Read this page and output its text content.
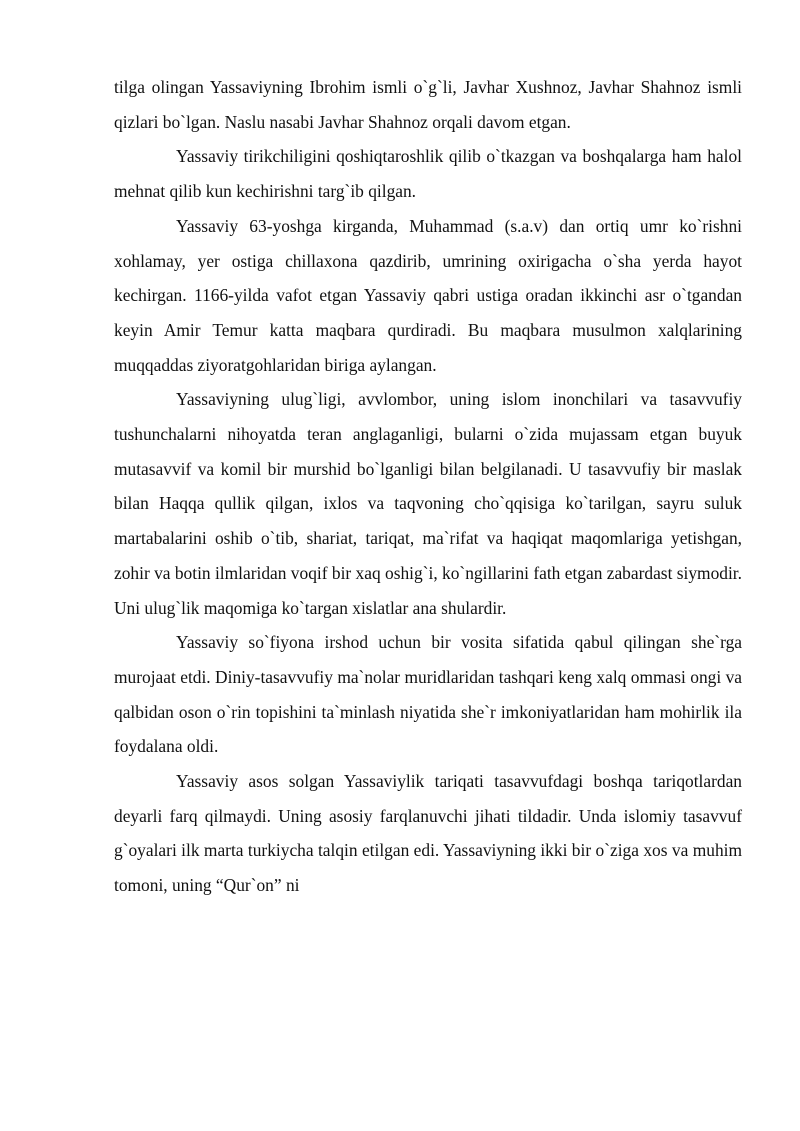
tilga olingan Yassaviyning Ibrohim ismli o`g`li, Javhar Xushnoz, Javhar Shahnoz ismli qizlari bo`lgan. Naslu nasabi Javhar Shahnoz orqali davom etgan.

Yassaviy tirikchiligini qoshiqtaroshlik qilib o`tkazgan va boshqalarga ham halol mehnat qilib kun kechirishni targ`ib qilgan.

Yassaviy 63-yoshga kirganda, Muhammad (s.a.v) dan ortiq umr ko`rishni xohlamay, yer ostiga chillaxona qazdirib, umrining oxirigacha o`sha yerda hayot kechirgan. 1166-yilda vafot etgan Yassaviy qabri ustiga oradan ikkinchi asr o`tgandan keyin Amir Temur katta maqbara qurdiradi. Bu maqbara musulmon xalqlarining muqqaddas ziyoratgohlaridan biriga aylangan.

Yassaviyning ulug`ligi, avvlombor, uning islom inonchilari va tasavvufiy tushunchalarni nihoyatda teran anglaganligi, bularni o`zida mujassam etgan buyuk mutasavvif va komil bir murshid bo`lganligi bilan belgilanadi. U tasavvufiy bir maslak bilan Haqqa qullik qilgan, ixlos va taqvoning cho`qqisiga ko`tarilgan, sayru suluk martabalarini oshib o`tib, shariat, tariqat, ma`rifat va haqiqat maqomlariga yetishgan, zohir va botin ilmlaridan voqif bir xaq oshig`i, ko`ngillarini fath etgan zabardast siymodir. Uni ulug`lik maqomiga ko`targan xislatlar ana shulardir.

Yassaviy so`fiyona irshod uchun bir vosita sifatida qabul qilingan she`rga murojaat etdi. Diniy-tasavvufiy ma`nolar muridlaridan tashqari keng xalq ommasi ongi va qalbidan oson o`rin topishini ta`minlash niyatida she`r imkoniyatlaridan ham mohirlik ila foydalana oldi.

Yassaviy asos solgan Yassaviylik tariqati tasavvufdagi boshqa tariqotlardan deyarli farq qilmaydi. Uning asosiy farqlanuvchi jihati tildadir. Unda islomiy tasavvuf g`oyalari ilk marta turkiycha talqin etilgan edi. Yassaviyning ikki bir o`ziga xos va muhim tomoni, uning “Qur`on” ni
